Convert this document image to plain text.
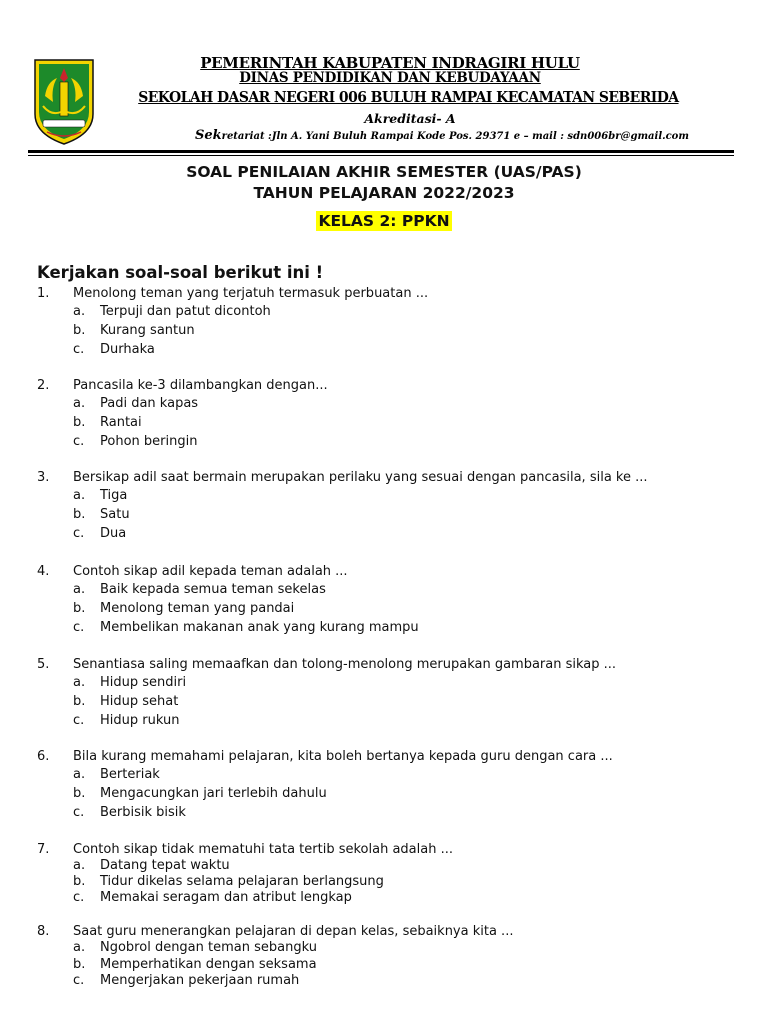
PEMERINTAH KABUPATEN INDRAGIRI HULU
DINAS PENDIDIKAN DAN KEBUDAYAAN
SEKOLAH DASAR NEGERI 006 BULUH RAMPAI KECAMATAN SEBERIDA
Akreditasi- A
Sekretariat :Jln A. Yani Buluh Rampai Kode Pos. 29371 e – mail : sdn006br@gmail.com
SOAL PENILAIAN AKHIR SEMESTER (UAS/PAS)
TAHUN PELAJARAN 2022/2023
KELAS 2: PPKN
Kerjakan soal-soal berikut ini !
1. Menolong teman yang terjatuh termasuk perbuatan ...
a. Terpuji dan patut dicontoh
b. Kurang santun
c. Durhaka
2. Pancasila ke-3 dilambangkan dengan...
a. Padi dan kapas
b. Rantai
c. Pohon beringin
3. Bersikap adil saat bermain merupakan perilaku yang sesuai dengan pancasila, sila ke ...
a. Tiga
b. Satu
c. Dua
4. Contoh sikap adil kepada teman adalah ...
a. Baik kepada semua teman sekelas
b. Menolong teman yang pandai
c. Membelikan makanan anak yang kurang mampu
5. Senantiasa saling memaafkan dan tolong-menolong merupakan gambaran sikap ...
a. Hidup sendiri
b. Hidup sehat
c. Hidup rukun
6. Bila kurang memahami pelajaran, kita boleh bertanya kepada guru dengan cara ...
a. Berteriak
b. Mengacungkan jari terlebih dahulu
c. Berbisik bisik
7. Contoh sikap tidak mematuhi tata tertib sekolah adalah ...
a. Datang tepat waktu
b. Tidur dikelas selama pelajaran berlangsung
c. Memakai seragam dan atribut lengkap
8. Saat guru menerangkan pelajaran di depan kelas, sebaiknya kita ...
a. Ngobrol dengan teman sebangku
b. Memperhatikan dengan seksama
c. Mengerjakan pekerjaan rumah
